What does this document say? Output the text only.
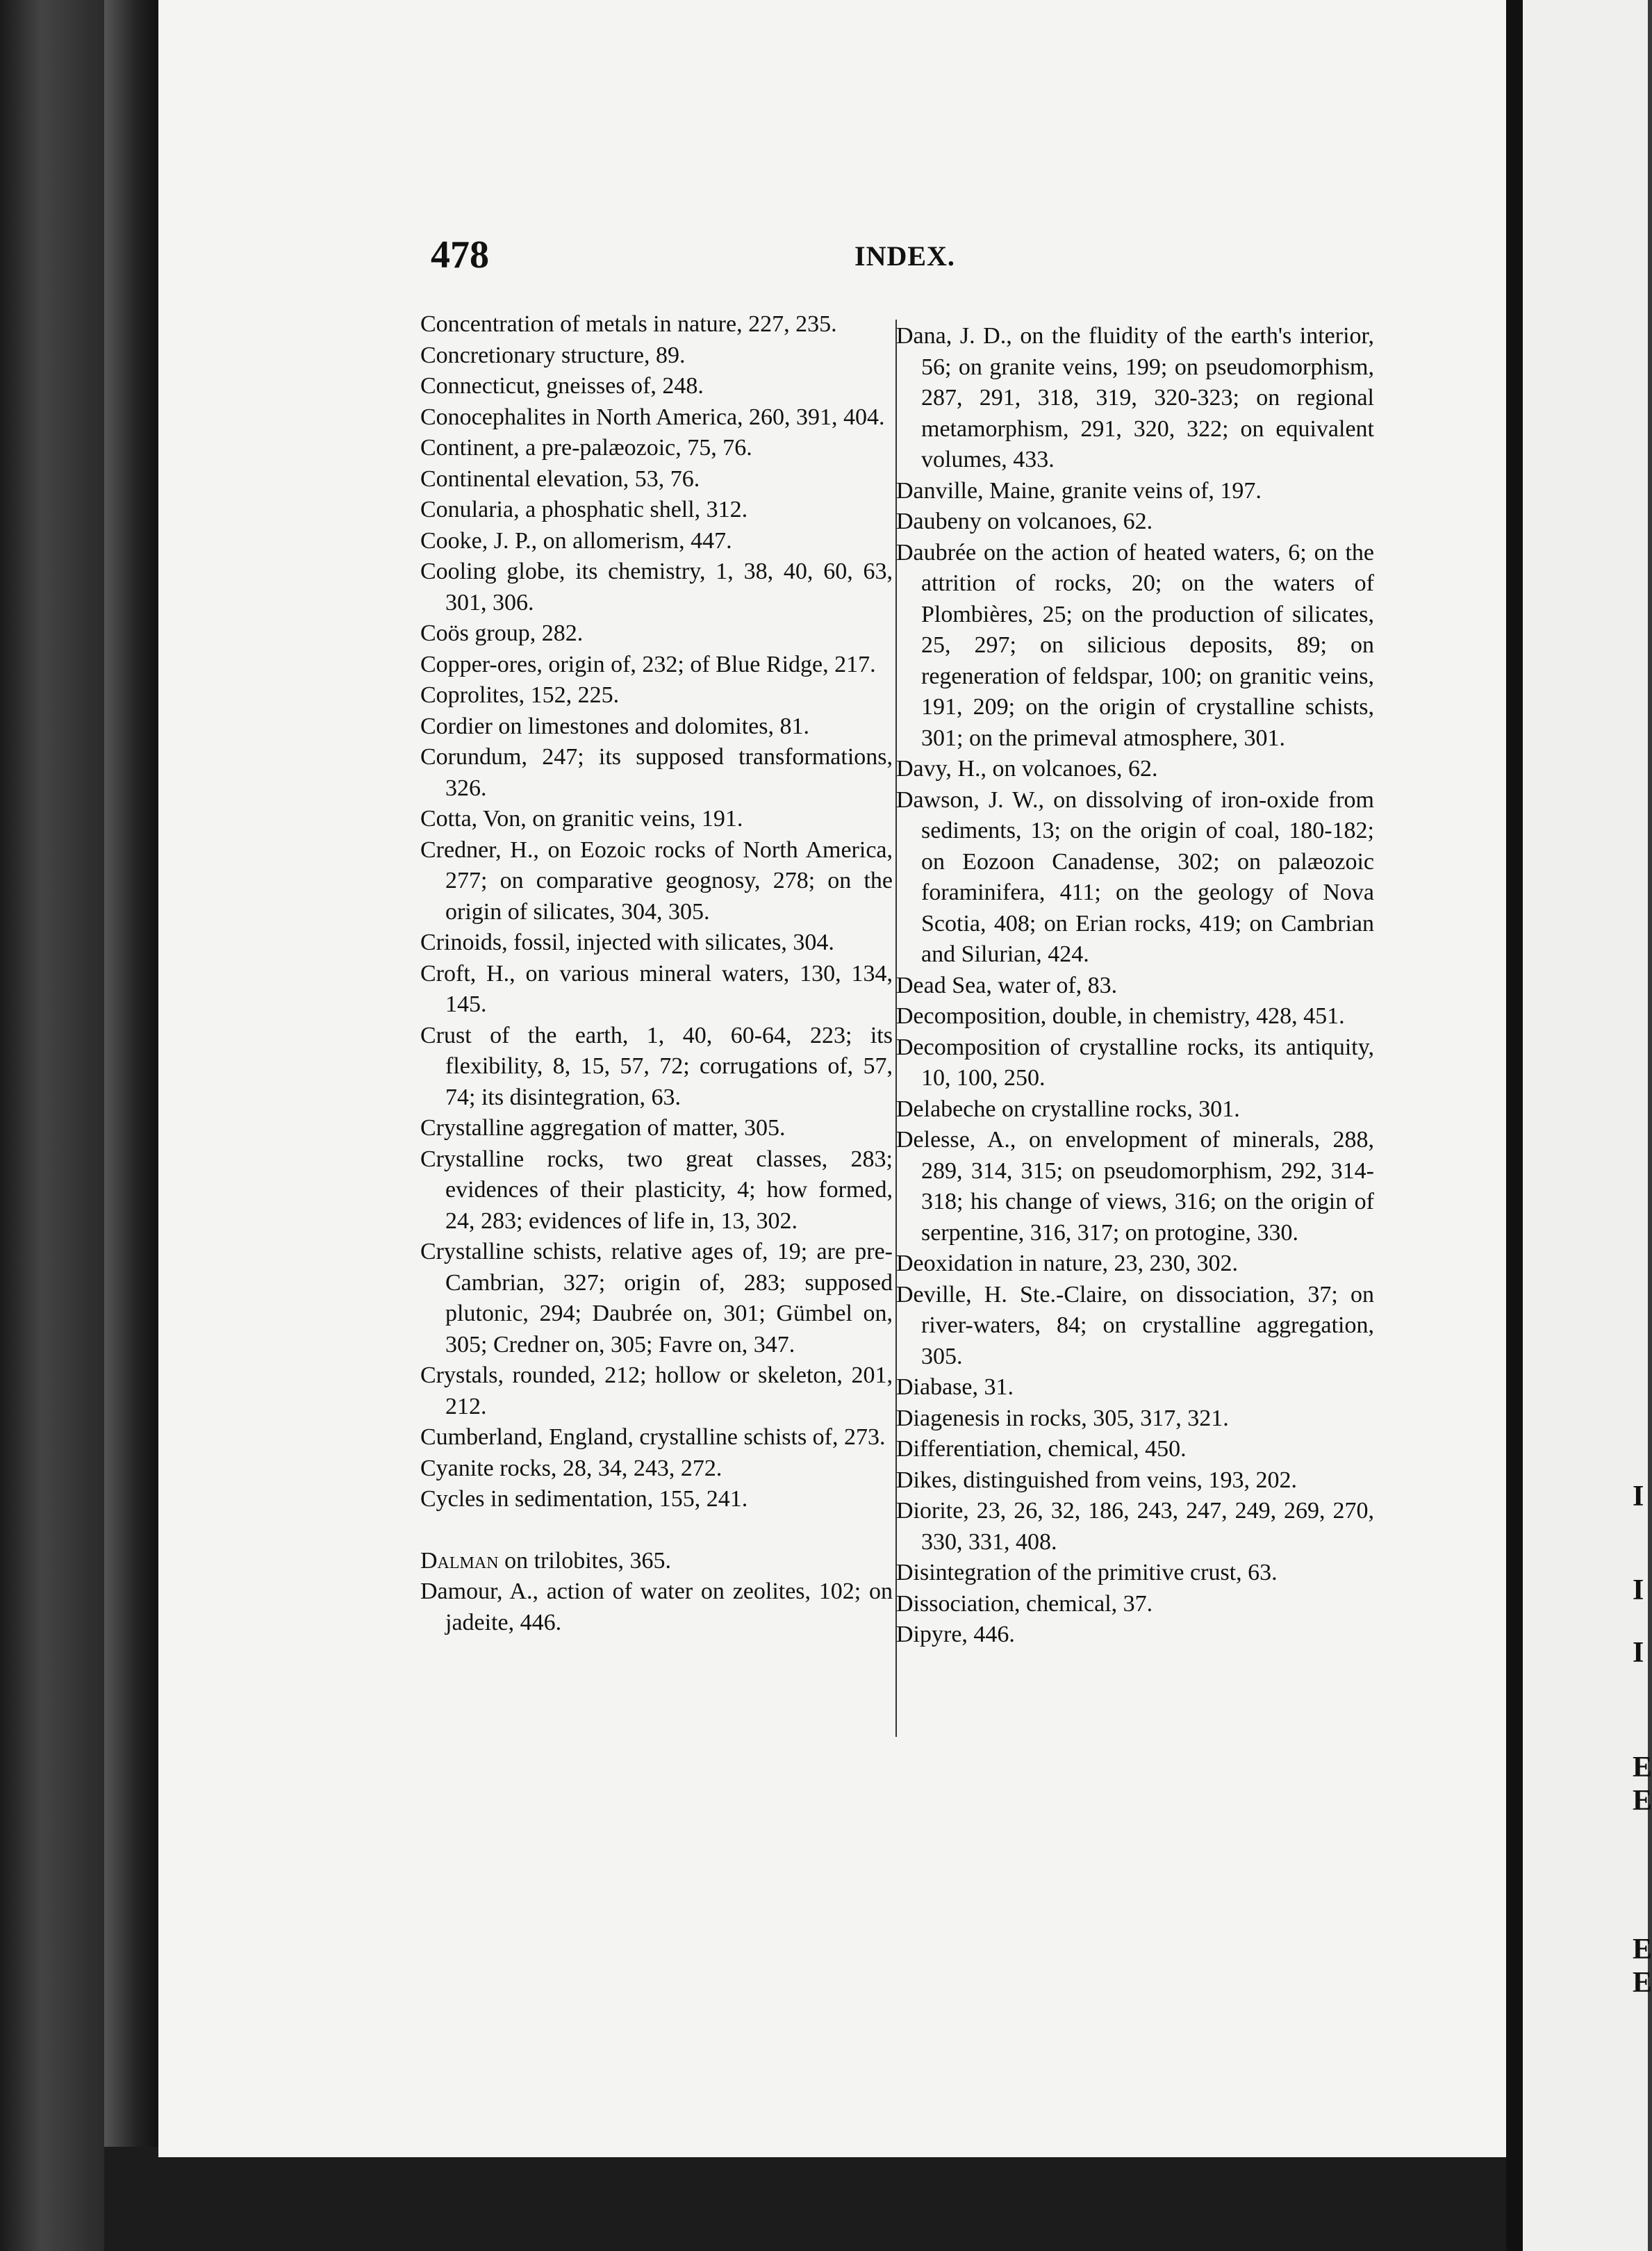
I
I
I
E
E
E
E
478	INDEX.
Concentration of metals in nature, 227, 235.
Concretionary structure, 89.
Connecticut, gneisses of, 248.
Conocephalites in North America, 260, 391, 404.
Continent, a pre-palæozoic, 75, 76.
Continental elevation, 53, 76.
Conularia, a phosphatic shell, 312.
Cooke, J. P., on allomerism, 447.
Cooling globe, its chemistry, 1, 38, 40, 60, 63, 301, 306.
Coös group, 282.
Copper-ores, origin of, 232; of Blue Ridge, 217.
Coprolites, 152, 225.
Cordier on limestones and dolomites, 81.
Corundum, 247; its supposed transformations, 326.
Cotta, Von, on granitic veins, 191.
Credner, H., on Eozoic rocks of North America, 277; on comparative geognosy, 278; on the origin of silicates, 304, 305.
Crinoids, fossil, injected with silicates, 304.
Croft, H., on various mineral waters, 130, 134, 145.
Crust of the earth, 1, 40, 60-64, 223; its flexibility, 8, 15, 57, 72; corrugations of, 57, 74; its disintegration, 63.
Crystalline aggregation of matter, 305.
Crystalline rocks, two great classes, 283; evidences of their plasticity, 4; how formed, 24, 283; evidences of life in, 13, 302.
Crystalline schists, relative ages of, 19; are pre-Cambrian, 327; origin of, 283; supposed plutonic, 294; Daubrée on, 301; Gümbel on, 305; Credner on, 305; Favre on, 347.
Crystals, rounded, 212; hollow or skeleton, 201, 212.
Cumberland, England, crystalline schists of, 273.
Cyanite rocks, 28, 34, 243, 272.
Cycles in sedimentation, 155, 241.
Dalman on trilobites, 365.
Damour, A., action of water on zeolites, 102; on jadeite, 446.
Dana, J. D., on the fluidity of the earth's interior, 56; on granite veins, 199; on pseudomorphism, 287, 291, 318, 319, 320-323; on regional metamorphism, 291, 320, 322; on equivalent volumes, 433.
Danville, Maine, granite veins of, 197.
Daubeny on volcanoes, 62.
Daubrée on the action of heated waters, 6; on the attrition of rocks, 20; on the waters of Plombières, 25; on the production of silicates, 25, 297; on silicious deposits, 89; on regeneration of feldspar, 100; on granitic veins, 191, 209; on the origin of crystalline schists, 301; on the primeval atmosphere, 301.
Davy, H., on volcanoes, 62.
Dawson, J. W., on dissolving of iron-oxide from sediments, 13; on the origin of coal, 180-182; on Eozoon Canadense, 302; on palæozoic foraminifera, 411; on the geology of Nova Scotia, 408; on Erian rocks, 419; on Cambrian and Silurian, 424.
Dead Sea, water of, 83.
Decomposition, double, in chemistry, 428, 451.
Decomposition of crystalline rocks, its antiquity, 10, 100, 250.
Delabeche on crystalline rocks, 301.
Delesse, A., on envelopment of minerals, 288, 289, 314, 315; on pseudomorphism, 292, 314-318; his change of views, 316; on the origin of serpentine, 316, 317; on protogine, 330.
Deoxidation in nature, 23, 230, 302.
Deville, H. Ste.-Claire, on dissociation, 37; on river-waters, 84; on crystalline aggregation, 305.
Diabase, 31.
Diagenesis in rocks, 305, 317, 321.
Differentiation, chemical, 450.
Dikes, distinguished from veins, 193, 202.
Diorite, 23, 26, 32, 186, 243, 247, 249, 269, 270, 330, 331, 408.
Disintegration of the primitive crust, 63.
Dissociation, chemical, 37.
Dipyre, 446.
